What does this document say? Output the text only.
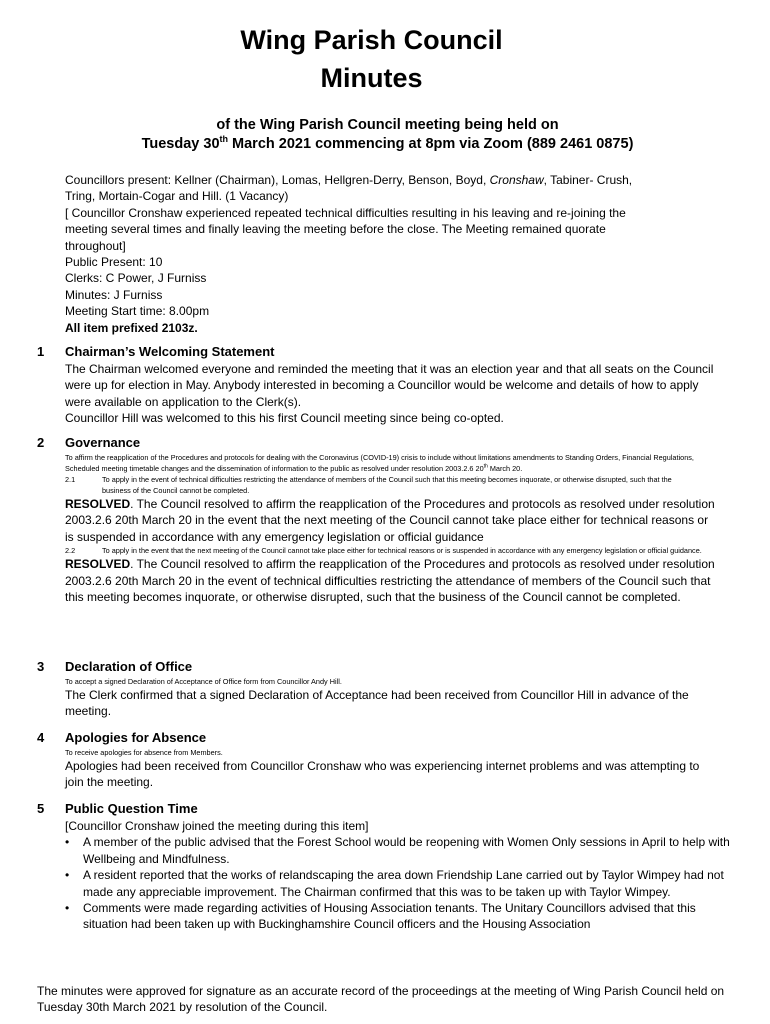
Wing Parish Council
Minutes
of the Wing Parish Council meeting being held on
Tuesday 30th March 2021 commencing at 8pm via Zoom (889 2461 0875)
Councillors present: Kellner (Chairman), Lomas, Hellgren-Derry, Benson, Boyd, Cronshaw, Tabiner- Crush,
Tring, Mortain-Cogar and Hill. (1 Vacancy)
[ Councillor Cronshaw experienced repeated technical difficulties resulting in his leaving and re-joining the
meeting several times and finally leaving the meeting before the close. The Meeting remained quorate
throughout]
Public Present: 10
Clerks: C Power, J Furniss
Minutes: J Furniss
Meeting Start time: 8.00pm
All item prefixed 2103z.
1 Chairman’s Welcoming Statement
The Chairman welcomed everyone and reminded the meeting that it was an election year and that all seats on the Council were up for election in May. Anybody interested in becoming a Councillor would be welcome and details of how to apply were available on application to the Clerk(s).
Councillor Hill was welcomed to this his first Council meeting since being co-opted.
2 Governance
To affirm the reapplication of the Procedures and protocols for dealing with the Coronavirus (COVID-19) crisis to include without limitations amendments to Standing Orders, Financial Regulations, Scheduled meeting timetable changes and the dissemination of information to the public as resolved under resolution 2003.2.6 20th March 20.
2.1	To apply in the event of technical difficulties restricting the attendance of members of the Council such that this meeting becomes inquorate, or otherwise disrupted, such that the business of the Council cannot be completed.
RESOLVED. The Council resolved to affirm the reapplication of the Procedures and protocols as resolved under resolution 2003.2.6 20th March 20 in the event that the next meeting of the Council cannot take place either for technical reasons or is suspended in accordance with any emergency legislation or official guidance
2.2	To apply in the event that the next meeting of the Council cannot take place either for technical reasons or is suspended in accordance with any emergency legislation or official guidance.
RESOLVED. The Council resolved to affirm the reapplication of the Procedures and protocols as resolved under resolution 2003.2.6 20th March 20 in the event of technical difficulties restricting the attendance of members of the Council such that this meeting becomes inquorate, or otherwise disrupted, such that the business of the Council cannot be completed.
3 Declaration of Office
To accept a signed Declaration of Acceptance of Office form from Councillor Andy Hill.
The Clerk confirmed that a signed Declaration of Acceptance had been received from Councillor Hill in advance of the meeting.
4 Apologies for Absence
To receive apologies for absence from Members.
Apologies had been received from Councillor Cronshaw who was experiencing internet problems and was attempting to join the meeting.
5 Public Question Time
[Councillor Cronshaw joined the meeting during this item]
• A member of the public advised that the Forest School would be reopening with Women Only sessions in April to help with Wellbeing and Mindfulness.
• A resident reported that the works of relandscaping the area down Friendship Lane carried out by Taylor Wimpey had not made any appreciable improvement. The Chairman confirmed that this was to be taken up with Taylor Wimpey.
• Comments were made regarding activities of Housing Association tenants. The Unitary Councillors advised that this situation had been taken up with Buckinghamshire Council officers and the Housing Association
The minutes were approved for signature as an accurate record of the proceedings at the meeting of Wing Parish Council held on Tuesday 30th March 2021 by resolution of the Council.
